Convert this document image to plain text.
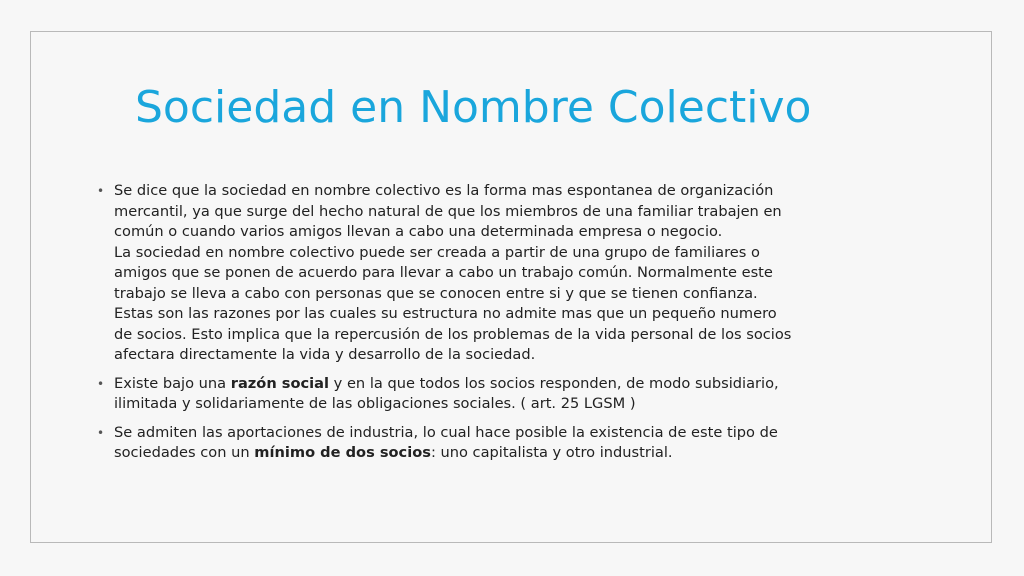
Sociedad en Nombre Colectivo
• Se dice que la sociedad en nombre colectivo es la forma mas espontanea de organización
mercantil, ya que surge del hecho natural de que los miembros de una familiar trabajen en
común o cuando varios amigos llevan a cabo una determinada empresa o negocio.
La sociedad en nombre colectivo puede ser creada a partir de una grupo de familiares o
amigos que se ponen de acuerdo para llevar a cabo un trabajo común. Normalmente este
trabajo se lleva a cabo con personas que se conocen entre si y que se tienen confianza.
Estas son las razones por las cuales su estructura no admite mas que un pequeño numero
de socios. Esto implica que la repercusión de los problemas de la vida personal de los socios
afectara directamente la vida y desarrollo de la sociedad.
• Existe bajo una razón social y en la que todos los socios responden, de modo subsidiario,
ilimitada y solidariamente de las obligaciones sociales. ( art. 25 LGSM )
• Se admiten las aportaciones de industria, lo cual hace posible la existencia de este tipo de
sociedades con un mínimo de dos socios: uno capitalista y otro industrial.
